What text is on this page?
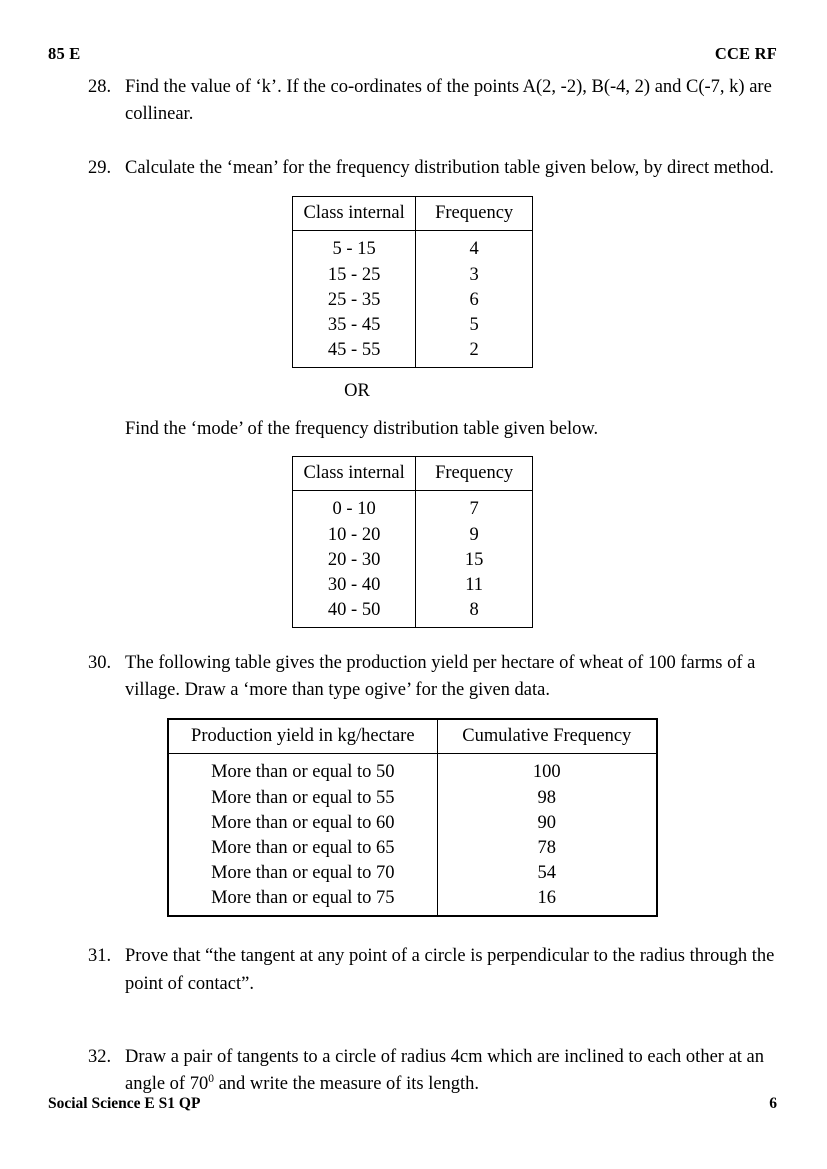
85 E	CCE RF
28. Find the value of ‘k’. If the co-ordinates of the points A(2, -2), B(-4, 2) and C(-7, k) are collinear.
29. Calculate the ‘mean’ for the frequency distribution table given below, by direct method.
Class internal	Frequency
5 - 15	4
15 - 25	3
25 - 35	6
35 - 45	5
45 - 55	2
OR
Find the ‘mode’ of the frequency distribution table given below.
Class internal	Frequency
0 - 10	7
10 - 20	9
20 - 30	15
30 - 40	11
40 - 50	8
30. The following table gives the production yield per hectare of wheat of 100 farms of a village. Draw a ‘more than type ogive’ for the given data.
Production yield in kg/hectare	Cumulative Frequency
More than or equal to 50	100
More than or equal to 55	98
More than or equal to 60	90
More than or equal to 65	78
More than or equal to 70	54
More than or equal to 75	16
31. Prove that “the tangent at any point of a circle is perpendicular to the radius through the point of contact”.
32. Draw a pair of tangents to a circle of radius 4cm which are inclined to each other at an angle of $70^0$ and write the measure of its length.
Social Science E S1 QP	6
